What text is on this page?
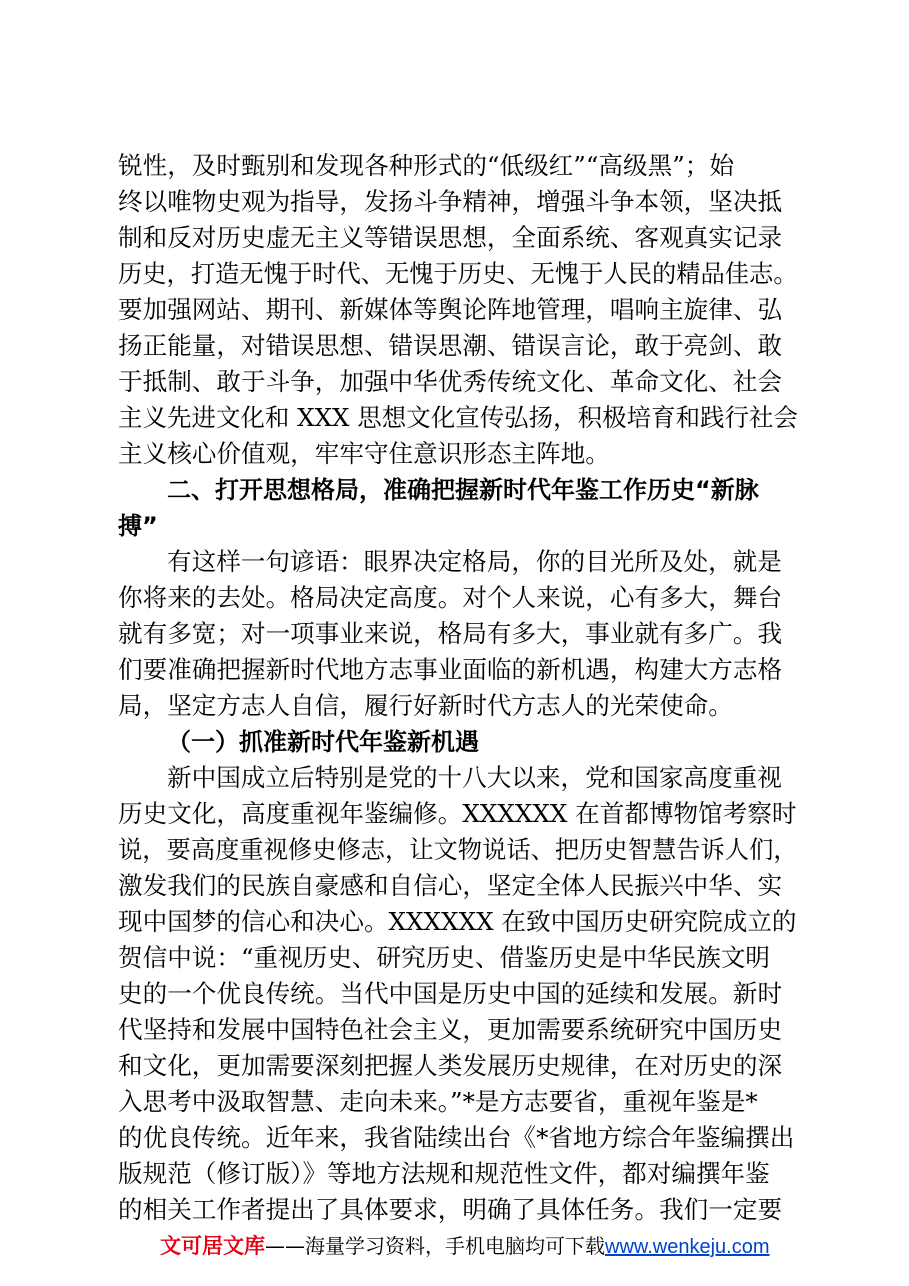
锐性，及时甄别和发现各种形式的“低级红”“高级黑”；始
终以唯物史观为指导，发扬斗争精神，增强斗争本领，坚决抵
制和反对历史虚无主义等错误思想，全面系统、客观真实记录
历史，打造无愧于时代、无愧于历史、无愧于人民的精品佳志。
要加强网站、期刊、新媒体等舆论阵地管理，唱响主旋律、弘
扬正能量，对错误思想、错误思潮、错误言论，敢于亮剑、敢
于抵制、敢于斗争，加强中华优秀传统文化、革命文化、社会
主义先进文化和 XXX 思想文化宣传弘扬，积极培育和践行社会
主义核心价值观，牢牢守住意识形态主阵地。
二、打开思想格局，准确把握新时代年鉴工作历史“新脉
搏”
有这样一句谚语：眼界决定格局，你的目光所及处，就是
你将来的去处。格局决定高度。对个人来说，心有多大，舞台
就有多宽；对一项事业来说，格局有多大，事业就有多广。我
们要准确把握新时代地方志事业面临的新机遇，构建大方志格
局，坚定方志人自信，履行好新时代方志人的光荣使命。
（一）抓准新时代年鉴新机遇
新中国成立后特别是党的十八大以来，党和国家高度重视
历史文化，高度重视年鉴编修。XXXXXX 在首都博物馆考察时
说，要高度重视修史修志，让文物说话、把历史智慧告诉人们，
激发我们的民族自豪感和自信心，坚定全体人民振兴中华、实
现中国梦的信心和决心。XXXXXX 在致中国历史研究院成立的
贺信中说：“重视历史、研究历史、借鉴历史是中华民族文明
史的一个优良传统。当代中国是历史中国的延续和发展。新时
代坚持和发展中国特色社会主义，更加需要系统研究中国历史
和文化，更加需要深刻把握人类发展历史规律，在对历史的深
入思考中汲取智慧、走向未来。”*是方志要省，重视年鉴是*
的优良传统。近年来，我省陆续出台《*省地方综合年鉴编撰出
版规范（修订版）》等地方法规和规范性文件，都对编撰年鉴
的相关工作者提出了具体要求，明确了具体任务。我们一定要
文可居文库——海量学习资料，手机电脑均可下载www.wenkeju.com
